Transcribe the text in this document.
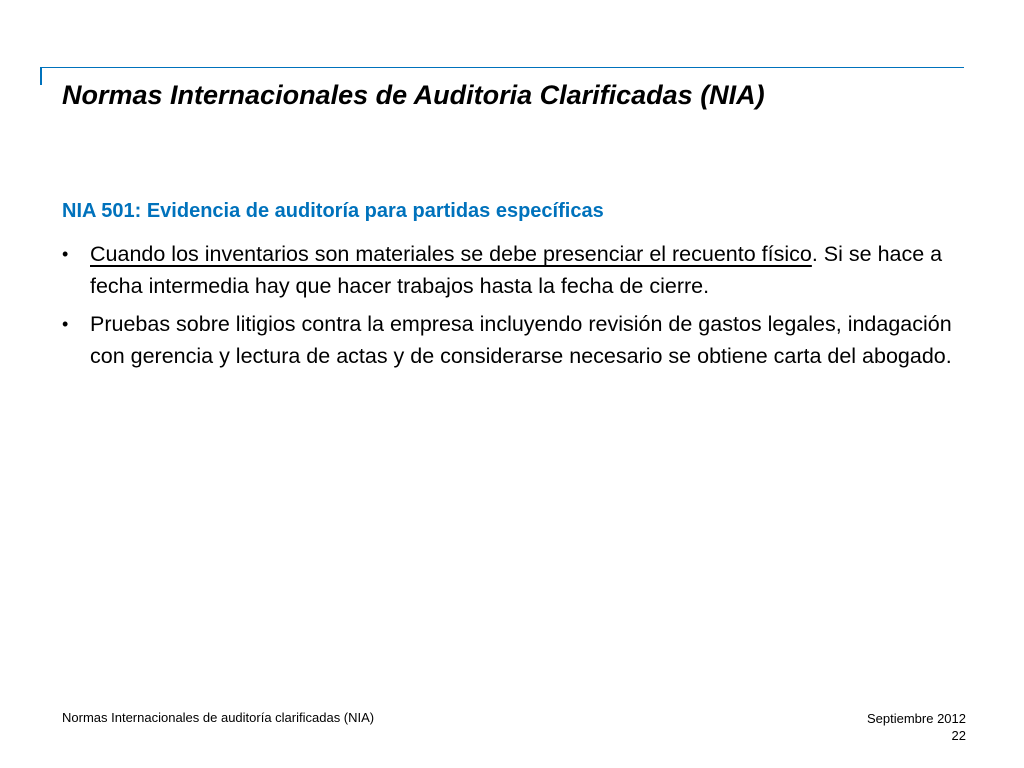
Normas Internacionales de Auditoria Clarificadas (NIA)
NIA 501: Evidencia de auditoría para partidas específicas
• Cuando los inventarios son materiales se debe presenciar el recuento físico. Si se hace a fecha intermedia hay que hacer trabajos hasta la fecha de cierre.
• Pruebas sobre litigios contra la empresa incluyendo revisión de gastos legales, indagación con gerencia y lectura de actas y de considerarse necesario se obtiene carta del abogado.
Normas Internacionales de auditoría clarificadas (NIA)	Septiembre 2012
22
